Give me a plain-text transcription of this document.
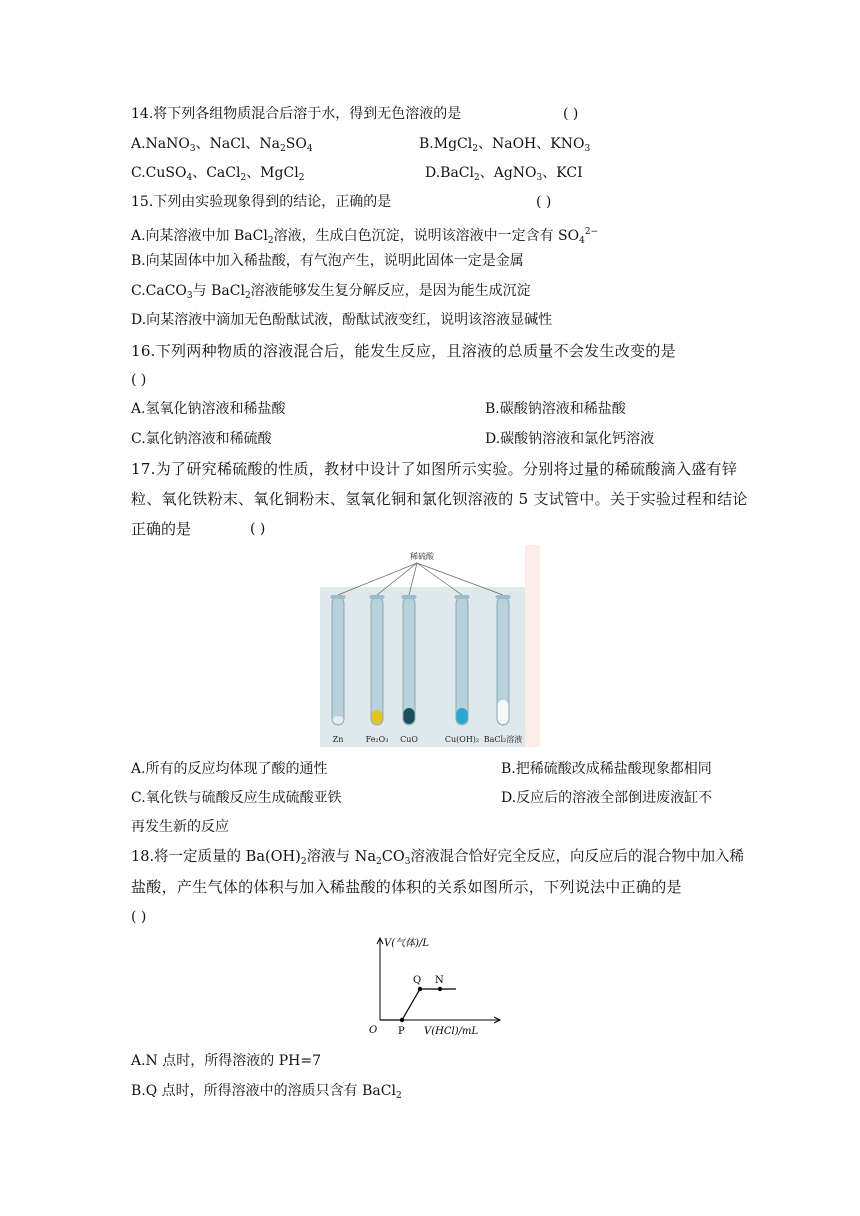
14.将下列各组物质混合后溶于水，得到无色溶液的是	( )
A.NaNO$_3$、NaCl、$Na_2SO_4$	B.MgCl$_2$、NaOH、$KNO_3$
C.CuSO$_4$、CaCl$_2$、MgCl$_2$	D.BaCl$_2$、AgNO$_3$、KCI
15.下列由实验现象得到的结论，正确的是	( )
A.向某溶液中加 BaCl$_2$溶液，生成白色沉淀，说明该溶液中一定含有 $SO_4^{2-}$
B.向某固体中加入稀盐酸，有气泡产生，说明此固体一定是金属
C.CaCO$_3$与 BaCl$_2$溶液能够发生复分解反应，是因为能生成沉淀
D.向某溶液中滴加无色酚酞试液，酚酞试液变红，说明该溶液显碱性
16.下列两种物质的溶液混合后，能发生反应，且溶液的总质量不会发生改变的是
( )
A.氢氧化钠溶液和稀盐酸	B.碳酸钠溶液和稀盐酸
C.氯化钠溶液和稀硫酸	D.碳酸钠溶液和氯化钙溶液
17.为了研究稀硫酸的性质，教材中设计了如图所示实验。分别将过量的稀硫酸滴入盛有锌
粒、氧化铁粉末、氧化铜粉末、氢氧化铜和氯化钡溶液的 5 支试管中。关于实验过程和结论
正确的是	( )
稀硫酸
Zn	Fe₂O₃ CuO	Cu(OH)₂ BaCl₂溶液
A.所有的反应均体现了酸的通性	B.把稀硫酸改成稀盐酸现象都相同
C.氧化铁与硫酸反应生成硫酸亚铁	D.反应后的溶液全部倒进废液缸不
再发生新的反应
18.将一定质量的 $Ba(OH)_2$溶液与 $Na_2CO_3$溶液混合恰好完全反应，向反应后的混合物中加入稀
盐酸，产生气体的体积与加入稀盐酸的体积的关系如图所示，下列说法中正确的是
( )
V(气体)/L
V(HCl)/mL
O P
Q N
A.N 点时，所得溶液的 PH=7
B.Q 点时，所得溶液中的溶质只含有 BaCl$_2$
